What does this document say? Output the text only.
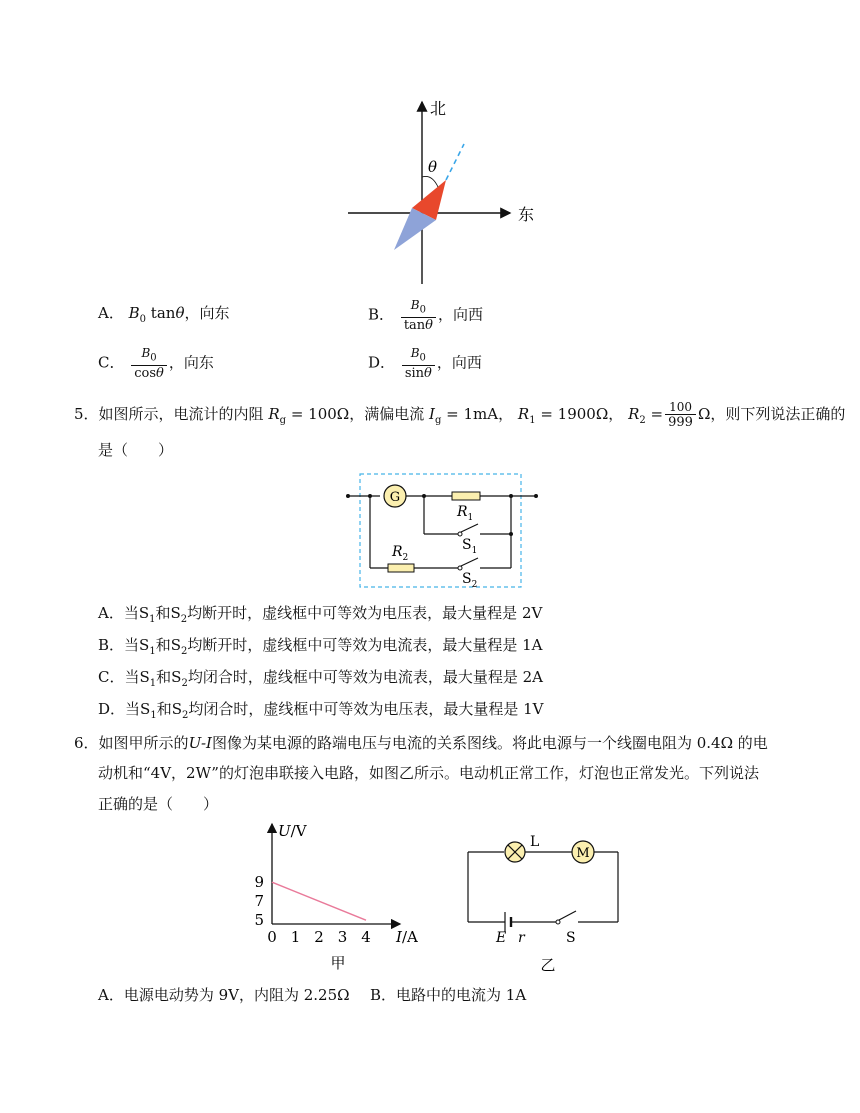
θ
北
东
A． $B_0$ tanθ，向东	B． $\frac{B_0}{\tan\theta}$ ，向西
C． $\frac{B_0}{\cos\theta}$ ，向东	D． $\frac{B_0}{\sin\theta}$ ，向西
5．如图所示，电流计的内阻 $R_g = 100\Omega$，满偏电流 $I_g = 1mA$， $R_1 = 1900\Omega$， $R_2 = \frac{100}{999}$ Ω，则下列说法正确的
是（　　）
G
$R_1$
$S_1$
$R_2$
$S_2$
A．当$S_1$和$S_2$均断开时，虚线框中可等效为电压表，最大量程是 2V
B．当$S_1$和$S_2$均断开时，虚线框中可等效为电流表，最大量程是 1A
C．当$S_1$和$S_2$均闭合时，虚线框中可等效为电流表，最大量程是 2A
D．当$S_1$和$S_2$均闭合时，虚线框中可等效为电压表，最大量程是 1V
6．如图甲所示的U-I图像为某电源的路端电压与电流的关系图线。将此电源与一个线圈电阻为 0.4Ω 的电
动机和“4V，2W”的灯泡串联接入电路，如图乙所示。电动机正常工作，灯泡也正常发光。下列说法
正确的是（　　）
0 1 2 3 4
5
7
9
U/V
I/A
甲
M
L
E r	S
乙
A．电源电动势为 9V，内阻为 2.25Ω B．电路中的电流为 1A
